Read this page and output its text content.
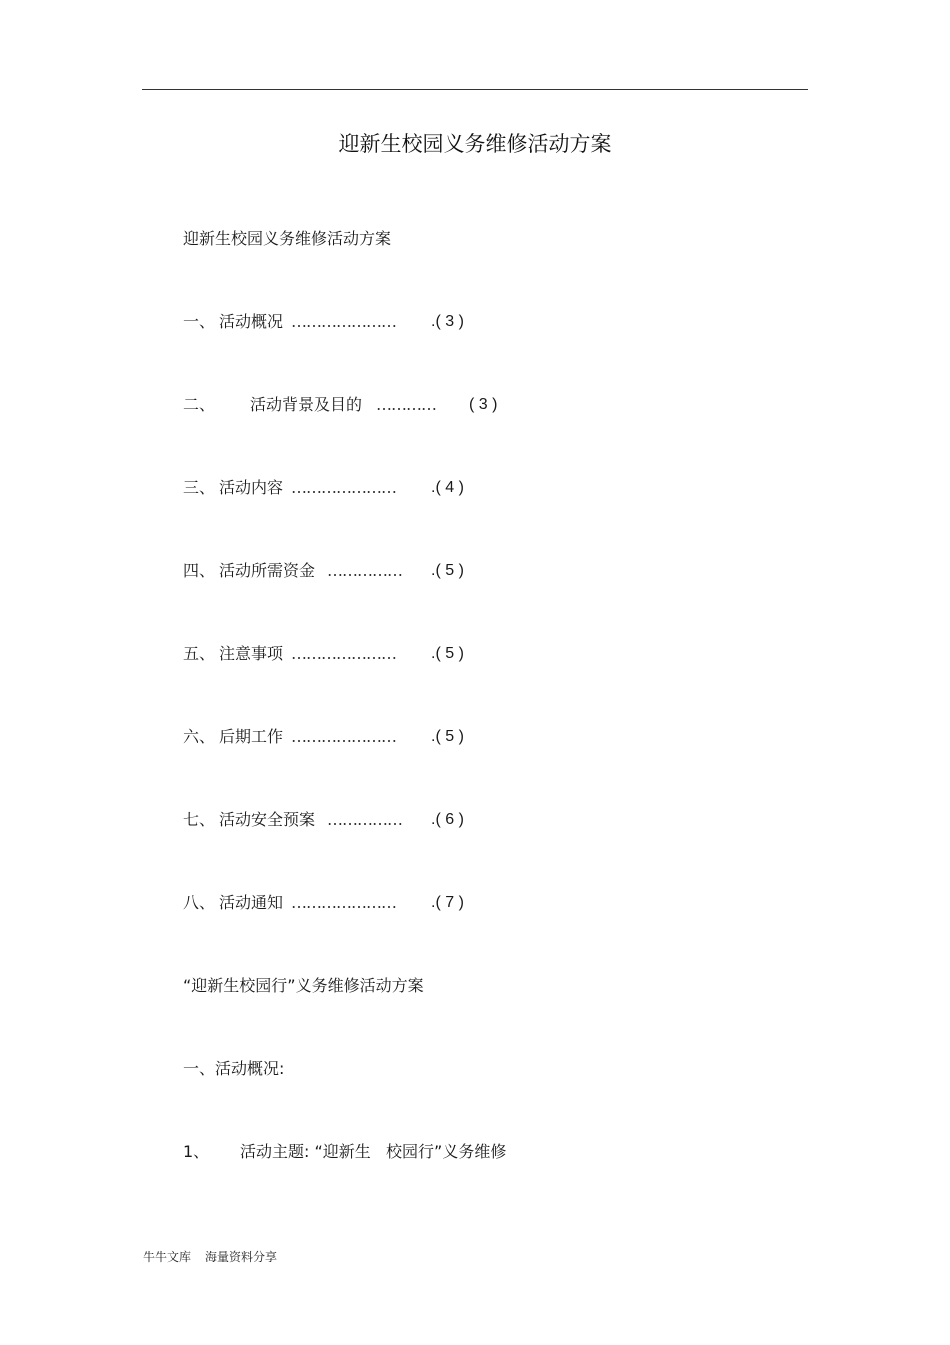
迎新生校园义务维修活动方案
迎新生校园义务维修活动方案
一、 活动概况 ………………… .( 3 )
二、 活动背景及目的 ………… ( 3 )
三、 活动内容 ………………… .( 4 )
四、 活动所需资金 …………… .( 5 )
五、 注意事项 ………………… .( 5 )
六、 后期工作 ………………… .( 5 )
七、 活动安全预案 …………… .( 6 )
八、 活动通知 ………………… .( 7 )
“迎新生校园行”义务维修活动方案
一、活动概况:
1、 活动主题: “迎新生   校园行”义务维修
牛牛文库 海量资料分享
